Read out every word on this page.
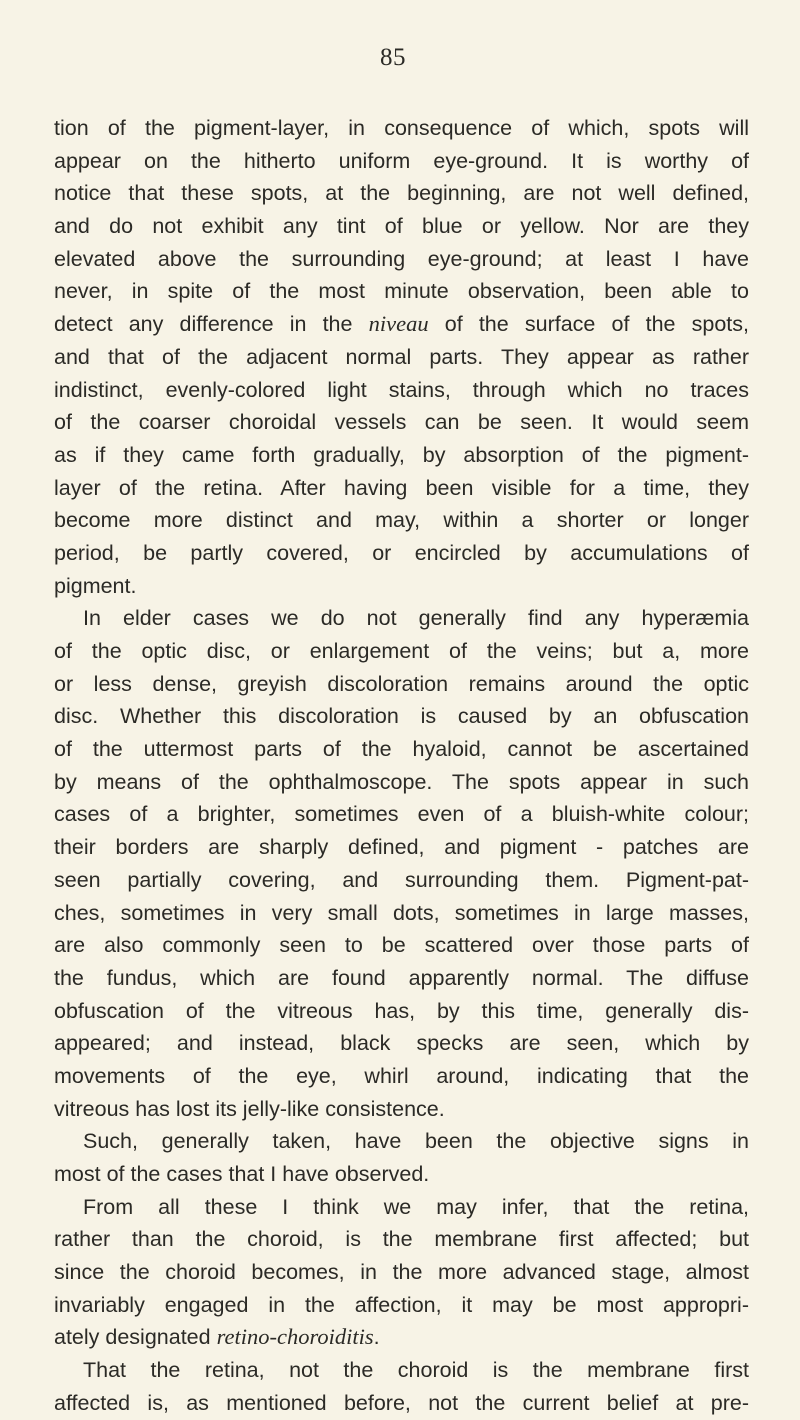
85
tion of the pigment-layer, in consequence of which, spots will
appear on the hitherto uniform eye-ground. It is worthy of
notice that these spots, at the beginning, are not well defined,
and do not exhibit any tint of blue or yellow. Nor are they
elevated above the surrounding eye-ground; at least I have
never, in spite of the most minute observation, been able to
detect any difference in the niveau of the surface of the spots,
and that of the adjacent normal parts. They appear as rather
indistinct, evenly-colored light stains, through which no traces
of the coarser choroidal vessels can be seen. It would seem
as if they came forth gradually, by absorption of the pigment-
layer of the retina. After having been visible for a time, they
become more distinct and may, within a shorter or longer
period, be partly covered, or encircled by accumulations of
pigment.
In elder cases we do not generally find any hyperæmia
of the optic disc, or enlargement of the veins; but a, more
or less dense, greyish discoloration remains around the optic
disc. Whether this discoloration is caused by an obfuscation
of the uttermost parts of the hyaloid, cannot be ascertained
by means of the ophthalmoscope. The spots appear in such
cases of a brighter, sometimes even of a bluish-white colour;
their borders are sharply defined, and pigment - patches are
seen partially covering, and surrounding them. Pigment-pat-
ches, sometimes in very small dots, sometimes in large masses,
are also commonly seen to be scattered over those parts of
the fundus, which are found apparently normal. The diffuse
obfuscation of the vitreous has, by this time, generally dis-
appeared; and instead, black specks are seen, which by
movements of the eye, whirl around, indicating that the
vitreous has lost its jelly-like consistence.
Such, generally taken, have been the objective signs in
most of the cases that I have observed.
From all these I think we may infer, that the retina,
rather than the choroid, is the membrane first affected; but
since the choroid becomes, in the more advanced stage, almost
invariably engaged in the affection, it may be most appropri-
ately designated retino-choroiditis.
That the retina, not the choroid is the membrane first
affected is, as mentioned before, not the current belief at pre-
